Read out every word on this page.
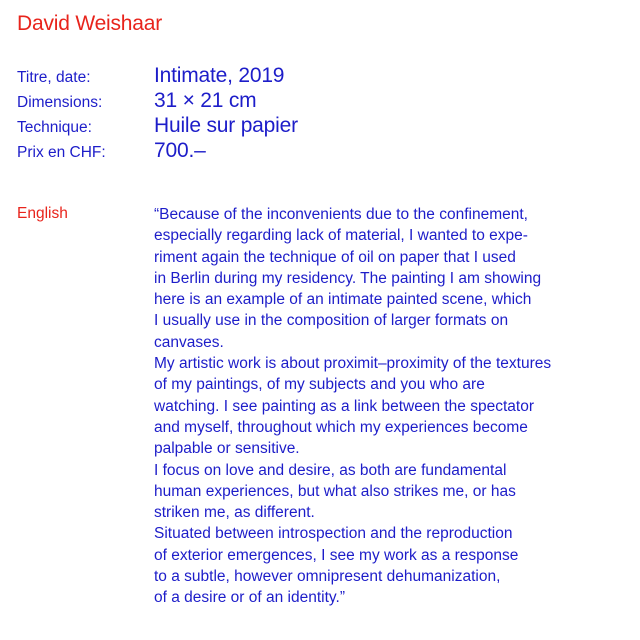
David Weishaar
Titre, date:	Intimate, 2019
Dimensions:	31 × 21 cm
Technique:	Huile sur papier
Prix en CHF:	700.–
English	“Because of the inconvenients due to the confinement,
especially regarding lack of material, I wanted to expe-
riment again the technique of oil on paper that I used
in Berlin during my residency. The painting I am showing
here is an example of an intimate painted scene, which
I usually use in the composition of larger formats on
canvases.

My artistic work is about proximit–proximity of the textures
of my paintings, of my subjects and you who are
watching. I see painting as a link between the spectator
and myself, throughout which my experiences become
palpable or sensitive.

I focus on love and desire, as both are fundamental
human experiences, but what also strikes me, or has
striken me, as different.

Situated between introspection and the reproduction
of exterior emergences, I see my work as a response
to a subtle, however omnipresent dehumanization,
of a desire or of an identity.”
